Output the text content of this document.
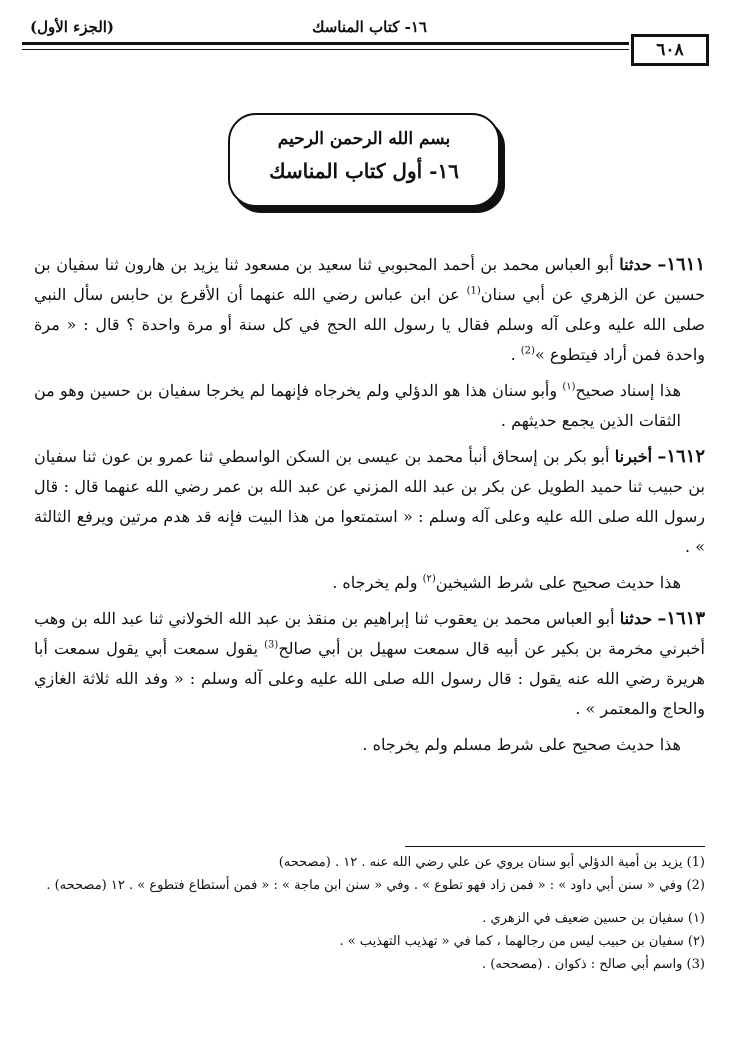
(الجزء الأول)	١٦- كتاب المناسك
٦٠٨
بسم الله الرحمن الرحيم
١٦- أول كتاب المناسك

١٦١١– حدثنا أبو العباس محمد بن أحمد المحبوبي ثنا سعيد بن مسعود ثنا يزيد بن هارون ثنا سفيان بن حسين عن الزهري عن أبي سنان$^{(1)}$ عن ابن عباس رضي الله عنهما أن الأقرع بن حابس سأل النبي صلى الله عليه وعلى آله وسلم فقال يا رسول الله الحج في كل سنة أو مرة واحدة ؟ قال : « مرة واحدة فمن أراد فيتطوع »$^{(2)}$ .

هذا إسناد صحيح$^{(١)}$ وأبو سنان هذا هو الدؤلي ولم يخرجاه فإنهما لم يخرجا سفيان بن حسين وهو من الثقات الذين يجمع حديثهم .

١٦١٢– أخبرنا أبو بكر بن إسحاق أنبأ محمد بن عيسى بن السكن الواسطي ثنا عمرو بن عون ثنا سفيان بن حبيب ثنا حميد الطويل عن بكر بن عبد الله المزني عن عبد الله بن عمر رضي الله عنهما قال : قال رسول الله صلى الله عليه وعلى آله وسلم : « استمتعوا من هذا البيت فإنه قد هدم مرتين ويرفع الثالثة » .

هذا حديث صحيح على شرط الشيخين$^{(٢)}$ ولم يخرجاه .

١٦١٣– حدثنا أبو العباس محمد بن يعقوب ثنا إبراهيم بن منقذ بن عبد الله الخولاني ثنا عبد الله بن وهب أخبرني مخرمة بن بكير عن أبيه قال سمعت سهيل بن أبي صالح$^{(3)}$ يقول سمعت أبي يقول سمعت أبا هريرة رضي الله عنه يقول : قال رسول الله صلى الله عليه وعلى آله وسلم : « وفد الله ثلاثة الغازي والحاج والمعتمر » .

هذا حديث صحيح على شرط مسلم ولم يخرجاه .

(1) يزيد بن أمية الدؤلي أبو سنان يروي عن علي رضي الله عنه . ١٢ . (مصححه)
(2) وفي « سنن أبي داود » : « فمن زاد فهو تطوع » . وفي « سنن ابن ماجة » : « فمن أستطاع فتطوع » . ١٢ (مصححه) .
(١) سفيان بن حسين ضعيف في الزهري .
(٢) سفيان بن حبيب ليس من رجالهما ، كما في « تهذيب التهذيب » .
(3) واسم أبي صالح : ذكوان . (مصححه) .
